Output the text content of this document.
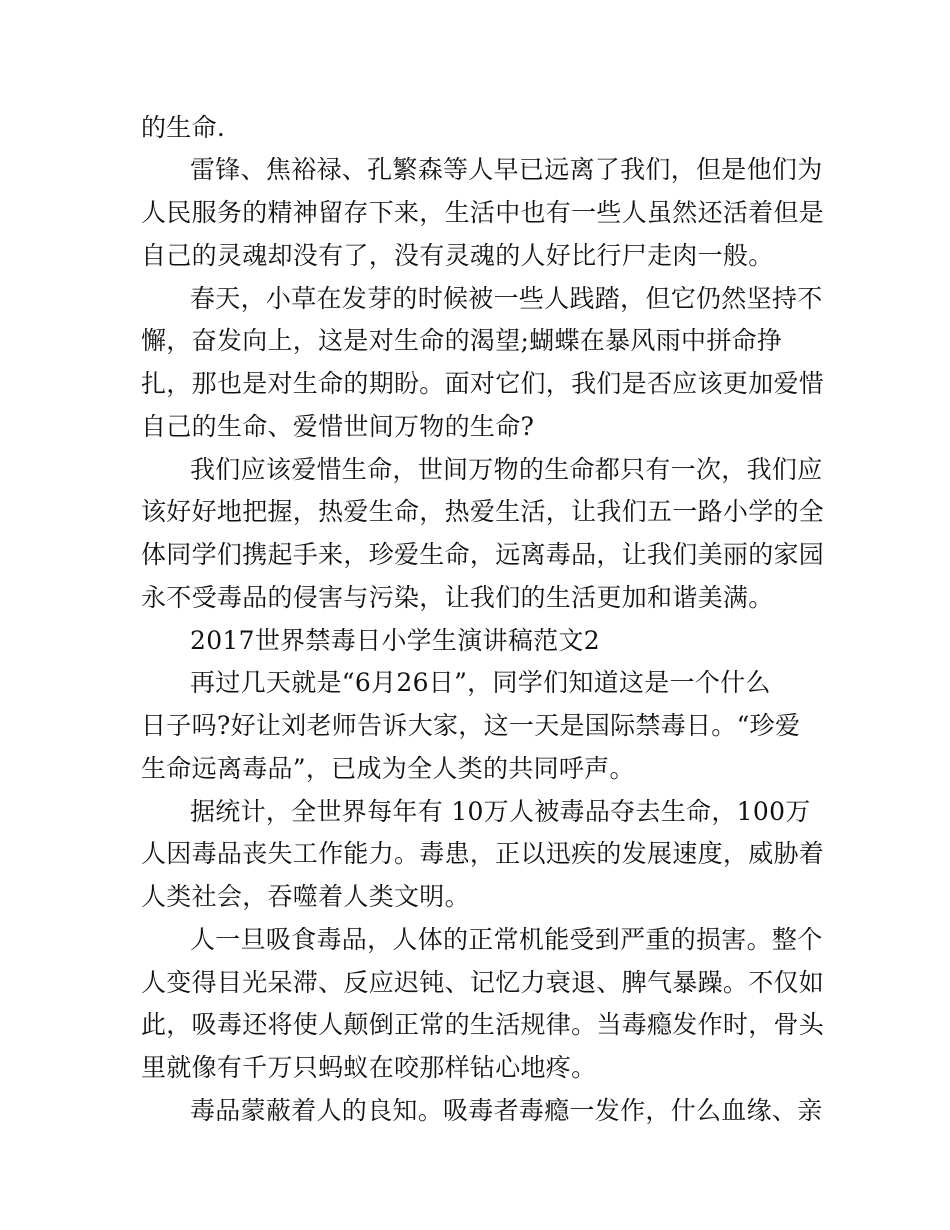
的生命.
雷锋、焦裕禄、孔繁森等人早已远离了我们，但是他们为
人民服务的精神留存下来，生活中也有一些人虽然还活着但是
自己的灵魂却没有了，没有灵魂的人好比行尸走肉一般。
春天，小草在发芽的时候被一些人践踏，但它仍然坚持不
懈，奋发向上，这是对生命的渴望;蝴蝶在暴风雨中拼命挣
扎，那也是对生命的期盼。面对它们，我们是否应该更加爱惜
自己的生命、爱惜世间万物的生命?
我们应该爱惜生命，世间万物的生命都只有一次，我们应
该好好地把握，热爱生命，热爱生活，让我们五一路小学的全
体同学们携起手来，珍爱生命，远离毒品，让我们美丽的家园
永不受毒品的侵害与污染，让我们的生活更加和谐美满。
2017世界禁毒日小学生演讲稿范文2
再过几天就是“6月26日”，同学们知道这是一个什么
日子吗?好让刘老师告诉大家，这一天是国际禁毒日。“珍爱
生命远离毒品”，已成为全人类的共同呼声。
据统计，全世界每年有 10万人被毒品夺去生命，100万
人因毒品丧失工作能力。毒患，正以迅疾的发展速度，威胁着
人类社会，吞噬着人类文明。
人一旦吸食毒品，人体的正常机能受到严重的损害。整个
人变得目光呆滞、反应迟钝、记忆力衰退、脾气暴躁。不仅如
此，吸毒还将使人颠倒正常的生活规律。当毒瘾发作时，骨头
里就像有千万只蚂蚁在咬那样钻心地疼。
毒品蒙蔽着人的良知。吸毒者毒瘾一发作，什么血缘、亲
